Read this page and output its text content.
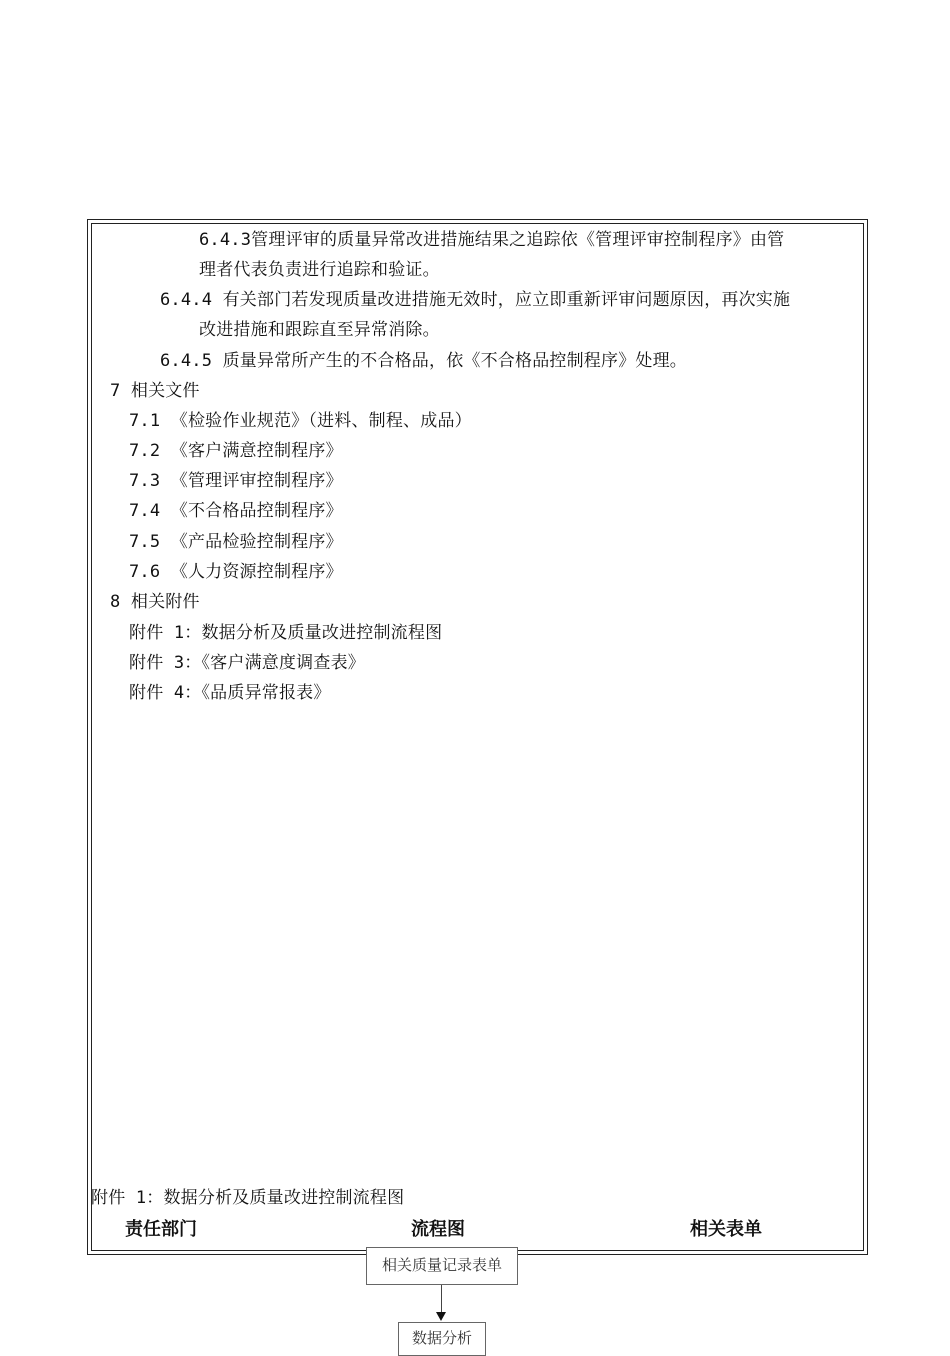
6.4.3管理评审的质量异常改进措施结果之追踪依《管理评审控制程序》由管
理者代表负责进行追踪和验证。
6.4.4 有关部门若发现质量改进措施无效时，应立即重新评审问题原因，再次实施
改进措施和跟踪直至异常消除。
6.4.5 质量异常所产生的不合格品，依《不合格品控制程序》处理。
7 相关文件
7.1 《检验作业规范》（进料、制程、成品）
7.2 《客户满意控制程序》
7.3 《管理评审控制程序》
7.4 《不合格品控制程序》
7.5 《产品检验控制程序》
7.6 《人力资源控制程序》
8 相关附件
附件 1：数据分析及质量改进控制流程图
附件 3：《客户满意度调查表》
附件 4：《品质异常报表》
附件 1：数据分析及质量改进控制流程图
责任部门	流程图	相关表单
相关质量记录表单
数据分析
